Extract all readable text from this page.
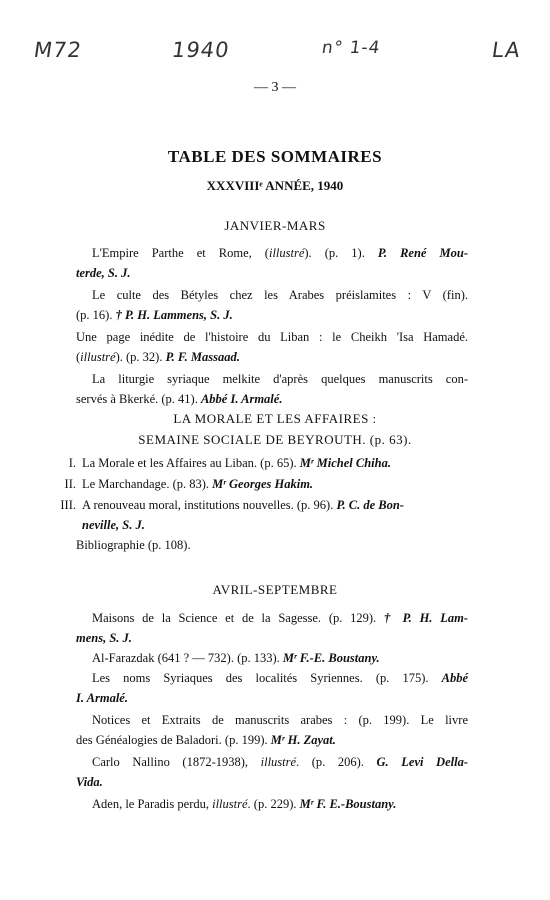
M72	1940	n° 1-4	LA
— 3 —
TABLE DES SOMMAIRES
XXXVIIIᵉ ANNÉE, 1940
JANVIER-MARS
L'Empire Parthe et Rome, (illustré). (p. 1). P. René Mou-
terde, S. J.
Le culte des Bétyles chez les Arabes préislamites : V (fin).
(p. 16). † P. H. Lammens, S. J.
Une page inédite de l'histoire du Liban : le Cheikh 'Isa Hamadé.
(illustré). (p. 32). P. F. Massaad.
La liturgie syriaque melkite d'après quelques manuscrits con-
servés à Bkerké. (p. 41). Abbé I. Armalé.
LA MORALE ET LES AFFAIRES :
SEMAINE SOCIALE DE BEYROUTH. (p. 63).
I. La Morale et les Affaires au Liban. (p. 65). Mʳ Michel Chiha.
II. Le Marchandage. (p. 83). Mʳ Georges Hakim.
III. A renouveau moral, institutions nouvelles. (p. 96). P. C. de Bon-
neville, S. J.
Bibliographie (p. 108).
AVRIL-SEPTEMBRE
Maisons de la Science et de la Sagesse. (p. 129). † P. H. Lam-
mens, S. J.
Al-Farazdak (641 ? — 732). (p. 133). Mʳ F.-E. Boustany.
Les noms Syriaques des localités Syriennes. (p. 175). Abbé
I. Armalé.
Notices et Extraits de manuscrits arabes : (p. 199). Le livre
des Généalogies de Baladori. (p. 199). Mʳ H. Zayat.
Carlo Nallino (1872-1938), illustré. (p. 206). G. Levi Della-
Vida.
Aden, le Paradis perdu, illustré. (p. 229). Mʳ F. E.-Boustany.
